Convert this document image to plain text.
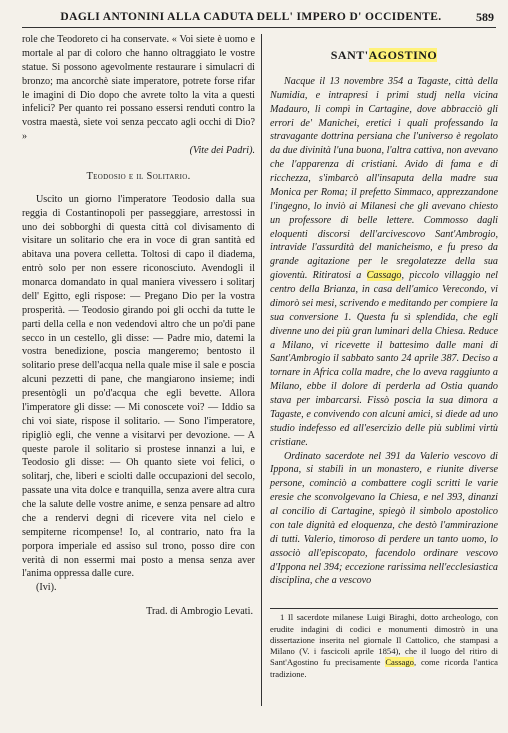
DAGLI ANTONINI ALLA CADUTA DELL' IMPERO D' OCCIDENTE.	589

role che Teodoreto ci ha conservate. « Voi siete è uomo e mortale al par di coloro che hanno oltraggiato le vostre statue. Si possono agevolmente restaurare i simulacri di bronzo; ma ancorchè siate imperatore, potrete forse rifar le imagini di Dio dopo che avrete tolto la vita a questi infelici? Per quanto rei possano essersi renduti contro la vostra maestà, siete voi senza peccato agli occhi di Dio? »

(Vite dei Padri).

Teodosio e il Solitario.

Uscito un giorno l'imperatore Teodosio dalla sua reggia di Costantinopoli per passeggiare, arrestossi in uno dei sobborghi di questa città col divisamento di visitare un solitario che era in voce di gran santità ed abitava una povera celletta. Toltosi di capo il diadema, entrò solo per non essere riconosciuto. Avendogli il monarca domandato in qual maniera vivessero i solitarj dell' Egitto, egli rispose: — Pregano Dio per la vostra prosperità. — Teodosio girando poi gli occhi da tutte le parti della cella e non vedendovi altro che un po'di pane secco in un cestello, gli disse: — Padre mio, datemi la vostra benedizione, poscia mangeremo; bentosto il solitario prese dell'acqua nella quale mise il sale e poscia alcuni pezzetti di pane, che mangiarono insieme; indi presentògli un po'd'acqua che egli bevette. Allora l'imperatore gli disse: — Mi conoscete voi? — Iddio sa chi voi siate, rispose il solitario. — Sono l'imperatore, ripigliò egli, che venne a visitarvi per devozione. — A queste parole il solitario si prostese innanzi a lui, e Teodosio gli disse: — Oh quanto siete voi felici, o solitarj, che, liberi e sciolti dalle occupazioni del secolo, passate una vita dolce e tranquilla, senza avere altra cura che la salute delle vostre anime, e senza pensare ad altro che a rendervi degni di ricevere vita nel cielo e sempiterne ricompense! Io, al contrario, nato fra la porpora imperiale ed assiso sul trono, posso dire con verità di non essermi mai posto a mensa senza aver l'anima oppressa dalle cure.

(Ivi).

Trad. di Ambrogio Levati.
SANT'AGOSTINO

Nacque il 13 novembre 354 a Tagaste, città della Numidia, e intrapresi i primi studj nella vicina Madauro, li compì in Cartagine, dove abbracciò gli errori de' Manichei, eretici i quali professando la stravagante dottrina persiana che l'universo è regolato da due divinità l'una buona, l'altra cattiva, non avevano che l'apparenza di cristiani. Avido di fama e di ricchezza, s'imbarcò all'insaputa della madre sua Monica per Roma; il prefetto Simmaco, apprezzandone l'ingegno, lo inviò ai Milanesi che gli avevano chiesto un professore di belle lettere. Commosso dagli eloquenti discorsi dell'arcivescovo Sant'Ambrogio, intravide l'assurdità del manicheismo, e fu preso da grande agitazione per le sregolatezze della sua gioventù. Ritiratosi a Cassago, piccolo villaggio nel centro della Brianza, in casa dell'amico Verecondo, vi dimorò sei mesi, scrivendo e meditando per compiere la sua conversione 1. Questa fu sì splendida, che egli divenne uno dei più gran luminari della Chiesa. Reduce a Milano, vi ricevette il battesimo dalle mani di Sant'Ambrogio il sabbato santo 24 aprile 387. Deciso a tornare in Africa colla madre, che lo aveva raggiunto a Milano, ebbe il dolore di perderla ad Ostia quando stava per imbarcarsi. Fissò poscia la sua dimora a Tagaste, e convivendo con alcuni amici, si diede ad uno studio indefesso ed all'esercizio delle più sublimi virtù cristiane.

Ordinato sacerdote nel 391 da Valerio vescovo di Ippona, si stabilì in un monastero, e riunite diverse persone, cominciò a combattere cogli scritti le varie eresie che sconvolgevano la Chiesa, e nel 393, dinanzi al concilio di Cartagine, spiegò il simbolo apostolico con tale dignità ed eloquenza, che destò l'ammirazione di tutti. Valerio, timoroso di perdere un tanto uomo, lo associò all'episcopato, facendolo ordinare vescovo d'Ippona nel 394; eccezione rarissima nell'ecclesiastica disciplina, che a vescovo

1 Il sacerdote milanese Luigi Biraghi, dotto archeologo, con erudite indagini di codici e monumenti dimostrò in una dissertazione inserita nel giornale Il Cattolico, che stampasi a Milano (V. i fascicoli aprile 1854), che il luogo del ritiro di Sant'Agostino fu precisamente Cassago, come ricorda l'antica tradizione.
